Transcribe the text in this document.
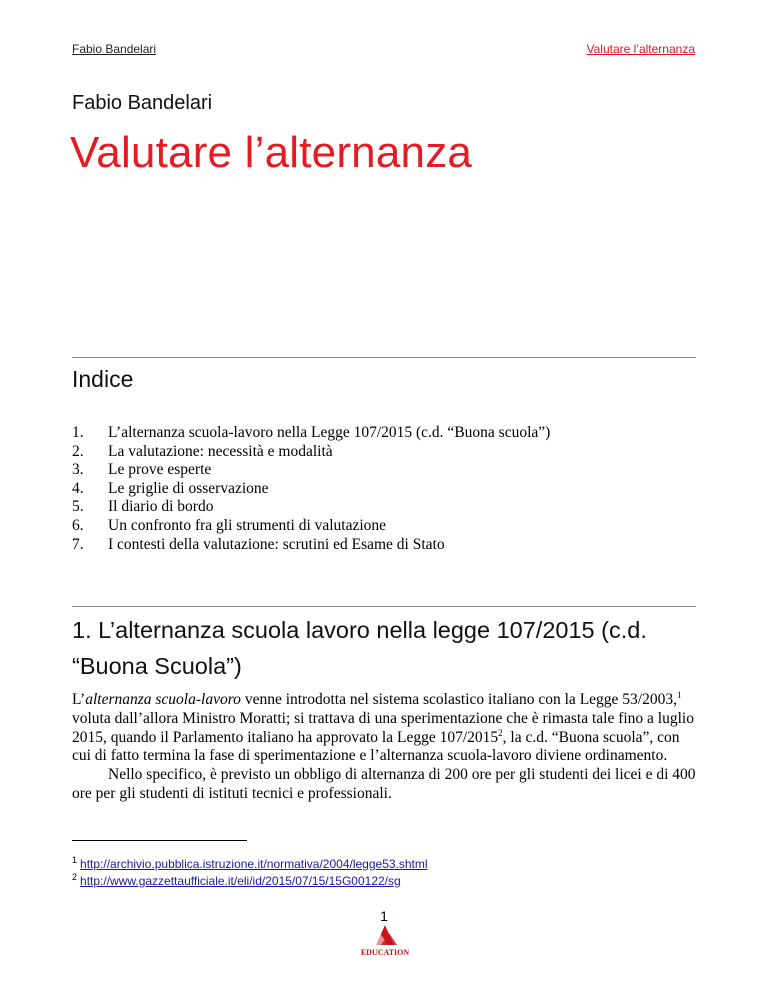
Fabio Bandelari	Valutare l’alternanza
Fabio Bandelari
Valutare l’alternanza
Indice
1.	L’alternanza scuola-lavoro nella Legge 107/2015 (c.d. “Buona scuola”)
2.	La valutazione: necessità e modalità
3.	Le prove esperte
4.	Le griglie di osservazione
5.	Il diario di bordo
6.	Un confronto fra gli strumenti di valutazione
7.	I contesti della valutazione: scrutini ed Esame di Stato
1. L’alternanza scuola lavoro nella legge 107/2015 (c.d. “Buona Scuola”)

L’alternanza scuola-lavoro venne introdotta nel sistema scolastico italiano con la Legge 53/2003,$^1$ voluta dall’allora Ministro Moratti; si trattava di una sperimentazione che è rimasta tale fino a luglio 2015, quando il Parlamento italiano ha approvato la Legge 107/2015$^2$, la c.d. “Buona scuola”, con cui di fatto termina la fase di sperimentazione e l’alternanza scuola-lavoro diviene ordinamento.

Nello specifico, è previsto un obbligo di alternanza di 200 ore per gli studenti dei licei e di 400 ore per gli studenti di istituti tecnici e professionali.

$^1$ http://archivio.pubblica.istruzione.it/normativa/2004/legge53.shtml
$^2$ http://www.gazzettaufficiale.it/eli/id/2015/07/15/15G00122/sg
1
EDUCATION
